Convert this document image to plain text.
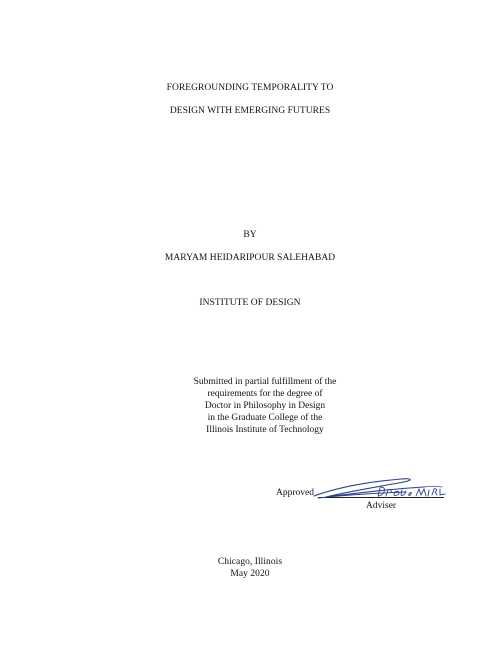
FOREGROUNDING TEMPORALITY TO
DESIGN WITH EMERGING FUTURES
BY
MARYAM HEIDARIPOUR SALEHABAD
INSTITUTE OF DESIGN
Submitted in partial fulfillment of the
requirements for the degree of
Doctor in Philosophy in Design
in the Graduate College of the
Illinois Institute of Technology
Approved
Adviser
Chicago, Illinois
May 2020
